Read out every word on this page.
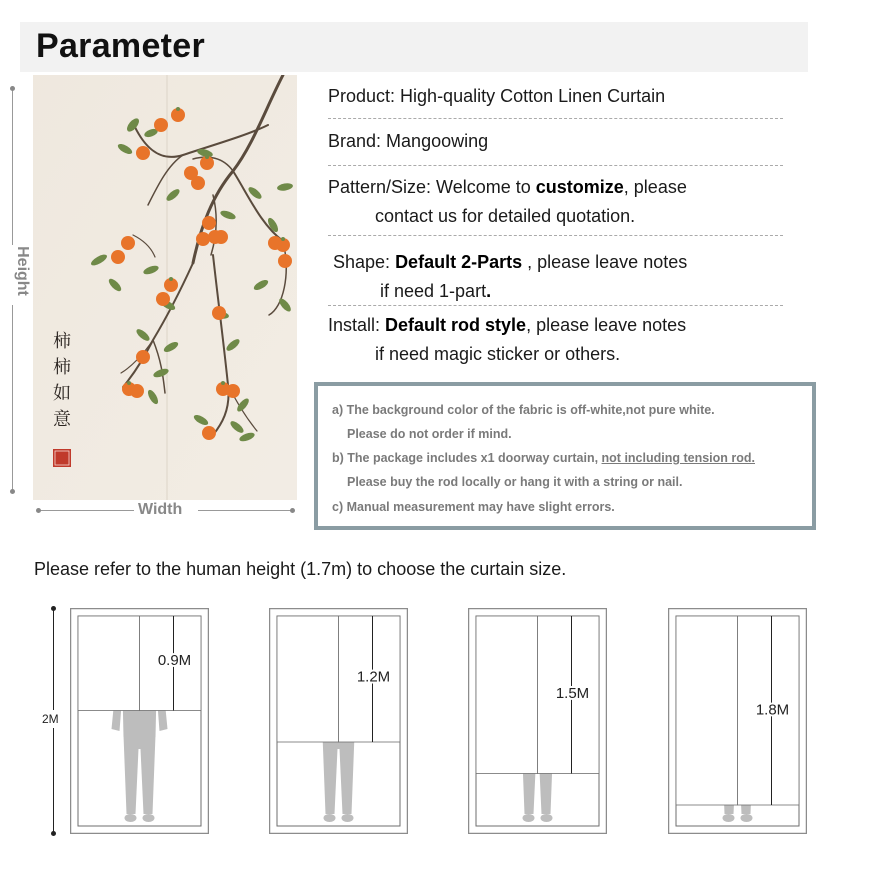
Parameter
Height
柿
柿
如
意
Width
Product: High-quality Cotton Linen Curtain
Brand: Mangoowing
Pattern/Size: Welcome to customize, please
contact us for detailed quotation.
Shape: Default 2-Parts , please leave notes
if need 1-part.
Install: Default rod style, please leave notes
if need magic sticker or others.
a) The background color of the fabric is off-white,not pure white.
Please do not order if mind.
b) The package includes x1 doorway curtain, not including tension rod.
Please buy the rod locally or hang it with a string or nail.
c) Manual measurement may have slight errors.
Please refer to the human height (1.7m) to choose the curtain size.
2M
0.9M
1.2M
1.5M
1.8M
